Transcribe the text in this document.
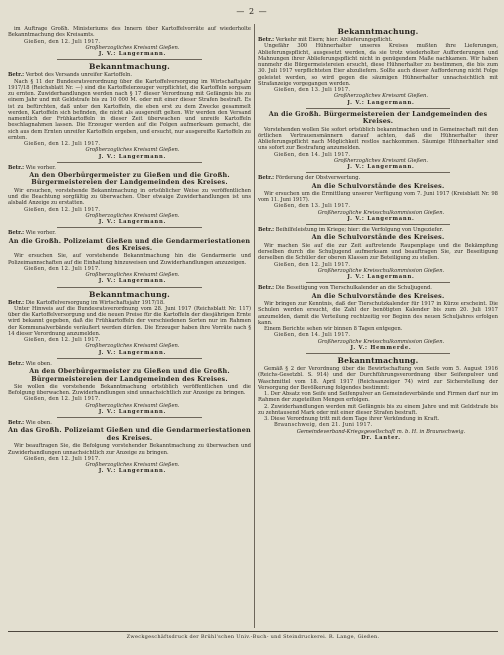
— 2 —

im Auftrage Großh. Ministeriums des Innern über Kartoffelvorräte auf wiederholte Bekanntmachung des Kreisamts.

Gießen, den 12. Juli 1917.

Großherzogliches Kreisamt Gießen.

J. V.: Langermann.

Bekanntmachung.

Betr.: Verbot des Versands unreifer Kartoffeln.

Nach § 11 der Bundesratsverordnung über die Kartoffelversorgung im Wirtschaftsjahr 1917/18 (Reichsblatt Nr. —) sind die Kartoffelerzeuger verpflichtet, die Kartoffeln sorgsam zu ernten. Zuwiderhandlungen werden nach § 17 dieser Verordnung mit Gefängnis bis zu einem Jahr und mit Geldstrafe bis zu 10 000 M. oder mit einer dieser Strafen bestraft. Es ist zu befürchten, daß unter den Kartoffeln, die eben erst zu dem Zwecke gesammelt werden, Kartoffeln sich befinden, die nicht als ausgereift gelten. Wir werden den Versand namentlich der Frühkartoffeln in dieser Zeit überwachen und unreife Kartoffeln beschlagnahmen lassen. Die Erzeuger werden auf die Folgen aufmerksam gemacht, die sich aus dem Ernten unreifer Kartoffeln ergeben, und ersucht, nur ausgereifte Kartoffeln zu ernten.

Gießen, den 12. Juli 1917.

Großherzogliches Kreisamt Gießen.

J. V.: Langermann.

Betr.: Wie vorher.

An den Oberbürgermeister zu Gießen und die Großh. Bürgermeistereien der Landgemeinden des Kreises.

Wir ersuchen, vorstehende Bekanntmachung in ortsüblicher Weise zu veröffentlichen und die Beachtung sorgfältig zu überwachen. Über etwaige Zuwiderhandlungen ist uns alsbald Anzeige zu erstatten.

Gießen, den 12. Juli 1917.

Großherzogliches Kreisamt Gießen.

J. V.: Langermann.

Betr.: Wie vorher.

An die Großh. Polizeiamt Gießen und die Gendarmeriestationen des Kreises.

Wir ersuchen Sie, auf vorstehende Bekanntmachung hin die Gendarmerie und Polizeimannschaften auf die Einhaltung hinzuweisen und Zuwiderhandlungen anzuzeigen.

Gießen, den 12. Juli 1917.

Großherzogliches Kreisamt Gießen.

J. V.: Langermann.

Bekanntmachung.

Betr.: Die Kartoffelversorgung im Wirtschaftsjahr 1917/18.

Unter Hinweis auf die Bundesratsverordnung vom 28. Juni 1917 (Reichsblatt Nr. 117) über die Kartoffelversorgung und die neuen Preise für die Kartoffeln der diesjährigen Ernte wird bekannt gegeben, daß die Frühkartoffeln der verschiedenen Sorten nur im Rahmen der Kommunalverbände veräußert werden dürfen. Die Erzeuger haben ihre Vorräte nach § 14 dieser Verordnung anzumelden.

Gießen, den 12. Juli 1917.

Großherzogliches Kreisamt Gießen.

J. V.: Langermann.

Betr.: Wie oben.

An den Oberbürgermeister zu Gießen und die Großh. Bürgermeistereien der Landgemeinden des Kreises.

Sie wollen die vorstehende Bekanntmachung ortsüblich veröffentlichen und die Befolgung überwachen. Zuwiderhandlungen sind unnachsichtlich zur Anzeige zu bringen.

Gießen, den 12. Juli 1917.

Großherzogliches Kreisamt Gießen.

J. V.: Langermann.

Betr.: Wie oben.

An das Großh. Polizeiamt Gießen und die Gendarmeriestationen des Kreises.

Wir beauftragen Sie, die Befolgung vorstehender Bekanntmachung zu überwachen und Zuwiderhandlungen unnachsichtlich zur Anzeige zu bringen.

Gießen, den 12. Juli 1917.

Großherzogliches Kreisamt Gießen.

J. V.: Langermann.

Bekanntmachung.

Betr.: Verkehr mit Eiern; hier: Ablieferungspflicht.

Ungefähr 300 Hühnerhalter unseres Kreises mußten ihre Lieferungen, Ablieferungspflicht, ausgesetzt werden, da sie trotz wiederholter Aufforderungen und Mahnungen ihrer Ablieferungspflicht nicht in genügendem Maße nachkamen. Wir haben nunmehr die Bürgermeistereien ersucht, diese Hühnerhalter zu bestimmen, die bis zum 30. Juli 1917 verpflichteten Eier abzuliefern. Sollte auch dieser Aufforderung nicht Folge geleistet werden, so wird gegen die säumigen Hühnerhalter unnachsichtlich mit Strafanzeige vorgegangen werden.

Gießen, den 13. Juli 1917.

Großherzogliches Kreisamt Gießen.

J. V.: Langermann.

An die Großh. Bürgermeistereien der Landgemeinden des Kreises.

Vorstehenden wollen Sie sofort ortsüblich bekanntmachen und in Gemeinschaft mit den örtlichen Vertrauensmännern darauf achten, daß die Hühnerhalter ihrer Ablieferungspflicht nach Möglichkeit restlos nachkommen. Säumige Hühnerhalter sind uns sofort zur Bestrafung anzumelden.

Gießen, den 14. Juli 1917.

Großherzogliches Kreisamt Gießen.

J. V.: Langermann.

Betr.: Förderung der Obstverwertung.

An die Schulvorstände des Kreises.

Wir ersuchen um die Ermittlung unserer Verfügung vom 7. Juni 1917 (Kreisblatt Nr. 98 vom 11. Juni 1917).

Gießen, den 13. Juli 1917.

Großherzogliche Kreisschulkommission Gießen.

J. V.: Langermann.

Betr.: Beihilfeleistung im Kriege; hier: die Verfolgung von Ungeziefer.

An die Schulvorstände des Kreises.

Wir machen Sie auf die zur Zeit auftretende Raupenplage und die Bekämpfung derselben durch die Schuljugend aufmerksam und beauftragen Sie, zur Beseitigung derselben die Schüler der oberen Klassen zur Beteiligung zu stellen.

Gießen, den 12. Juli 1917.

Großherzogliche Kreisschulkommission Gießen.

J. V.: Langermann.

Betr.: Die Beseitigung von Tierschulkalender an die Schuljugend.

An die Schulvorstände des Kreises.

Wir bringen zur Kenntnis, daß der Tierschutzkalender für 1917 in Kürze erscheint. Die Schulen werden ersucht, die Zahl der benötigten Kalender bis zum 20. Juli 1917 anzumelden, damit die Verteilung rechtzeitig vor Beginn des neuen Schuljahres erfolgen kann.

Einem Berichte sehen wir binnen 8 Tagen entgegen.

Gießen, den 14. Juli 1917.

Großherzogliche Kreisschulkommission Gießen.

J. V.: Hemmerde.

Bekanntmachung.

Gemäß § 2 der Verordnung über die Bewirtschaftung von Seife vom 5. August 1916 (Reichs-Gesetzbl. S. 914) und der Durchführungsverordnung über Seifenpulver und Waschmittel vom 18. April 1917 (Reichsanzeiger 74) wird zur Sicherstellung der Versorgung der Bevölkerung folgendes bestimmt:

1. Der Absatz von Seife und Seifenpulver an Gemeindeverbände und Firmen darf nur im Rahmen der zugeteilten Mengen erfolgen.

2. Zuwiderhandlungen werden mit Gefängnis bis zu einem Jahre und mit Geldstrafe bis zu zehntausend Mark oder mit einer dieser Strafen bestraft.

3. Diese Verordnung tritt mit dem Tage ihrer Verkündung in Kraft.

Braunschweig, den 21. Juni 1917.

Gemeindeverband-Kriegsgesellschaft m. b. H. in Braunschweig.

Dr. Lanter.

Zweckgeschäftsdruck der Brühl'schen Univ.-Buch- und Steindruckerei. R. Lange, Gießen.
